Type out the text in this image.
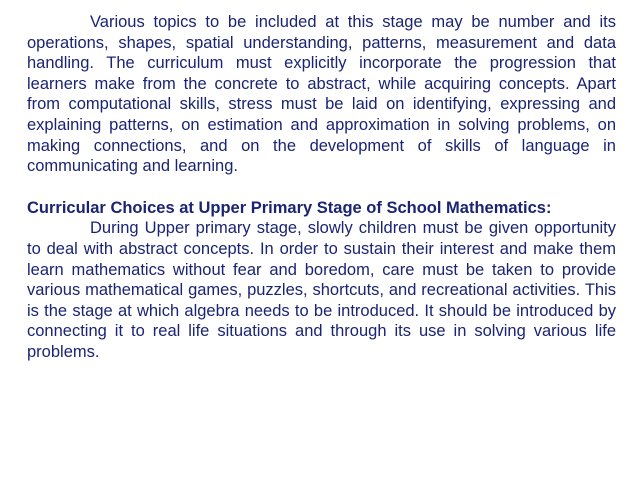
Various topics to be included at this stage may be number and its operations, shapes, spatial understanding, patterns, measurement and data handling. The curriculum must explicitly incorporate the progression that learners make from the concrete to abstract, while acquiring concepts. Apart from computational skills, stress must be laid on identifying, expressing and explaining patterns, on estimation and approximation in solving problems, on making connections, and on the development of skills of language in communicating and learning.

Curricular Choices at Upper Primary Stage of School Mathematics:

During Upper primary stage, slowly children must be given opportunity to deal with abstract concepts. In order to sustain their interest and make them learn mathematics without fear and boredom, care must be taken to provide various mathematical games, puzzles, shortcuts, and recreational activities. This is the stage at which algebra needs to be introduced. It should be introduced by connecting it to real life situations and through its use in solving various life problems.
